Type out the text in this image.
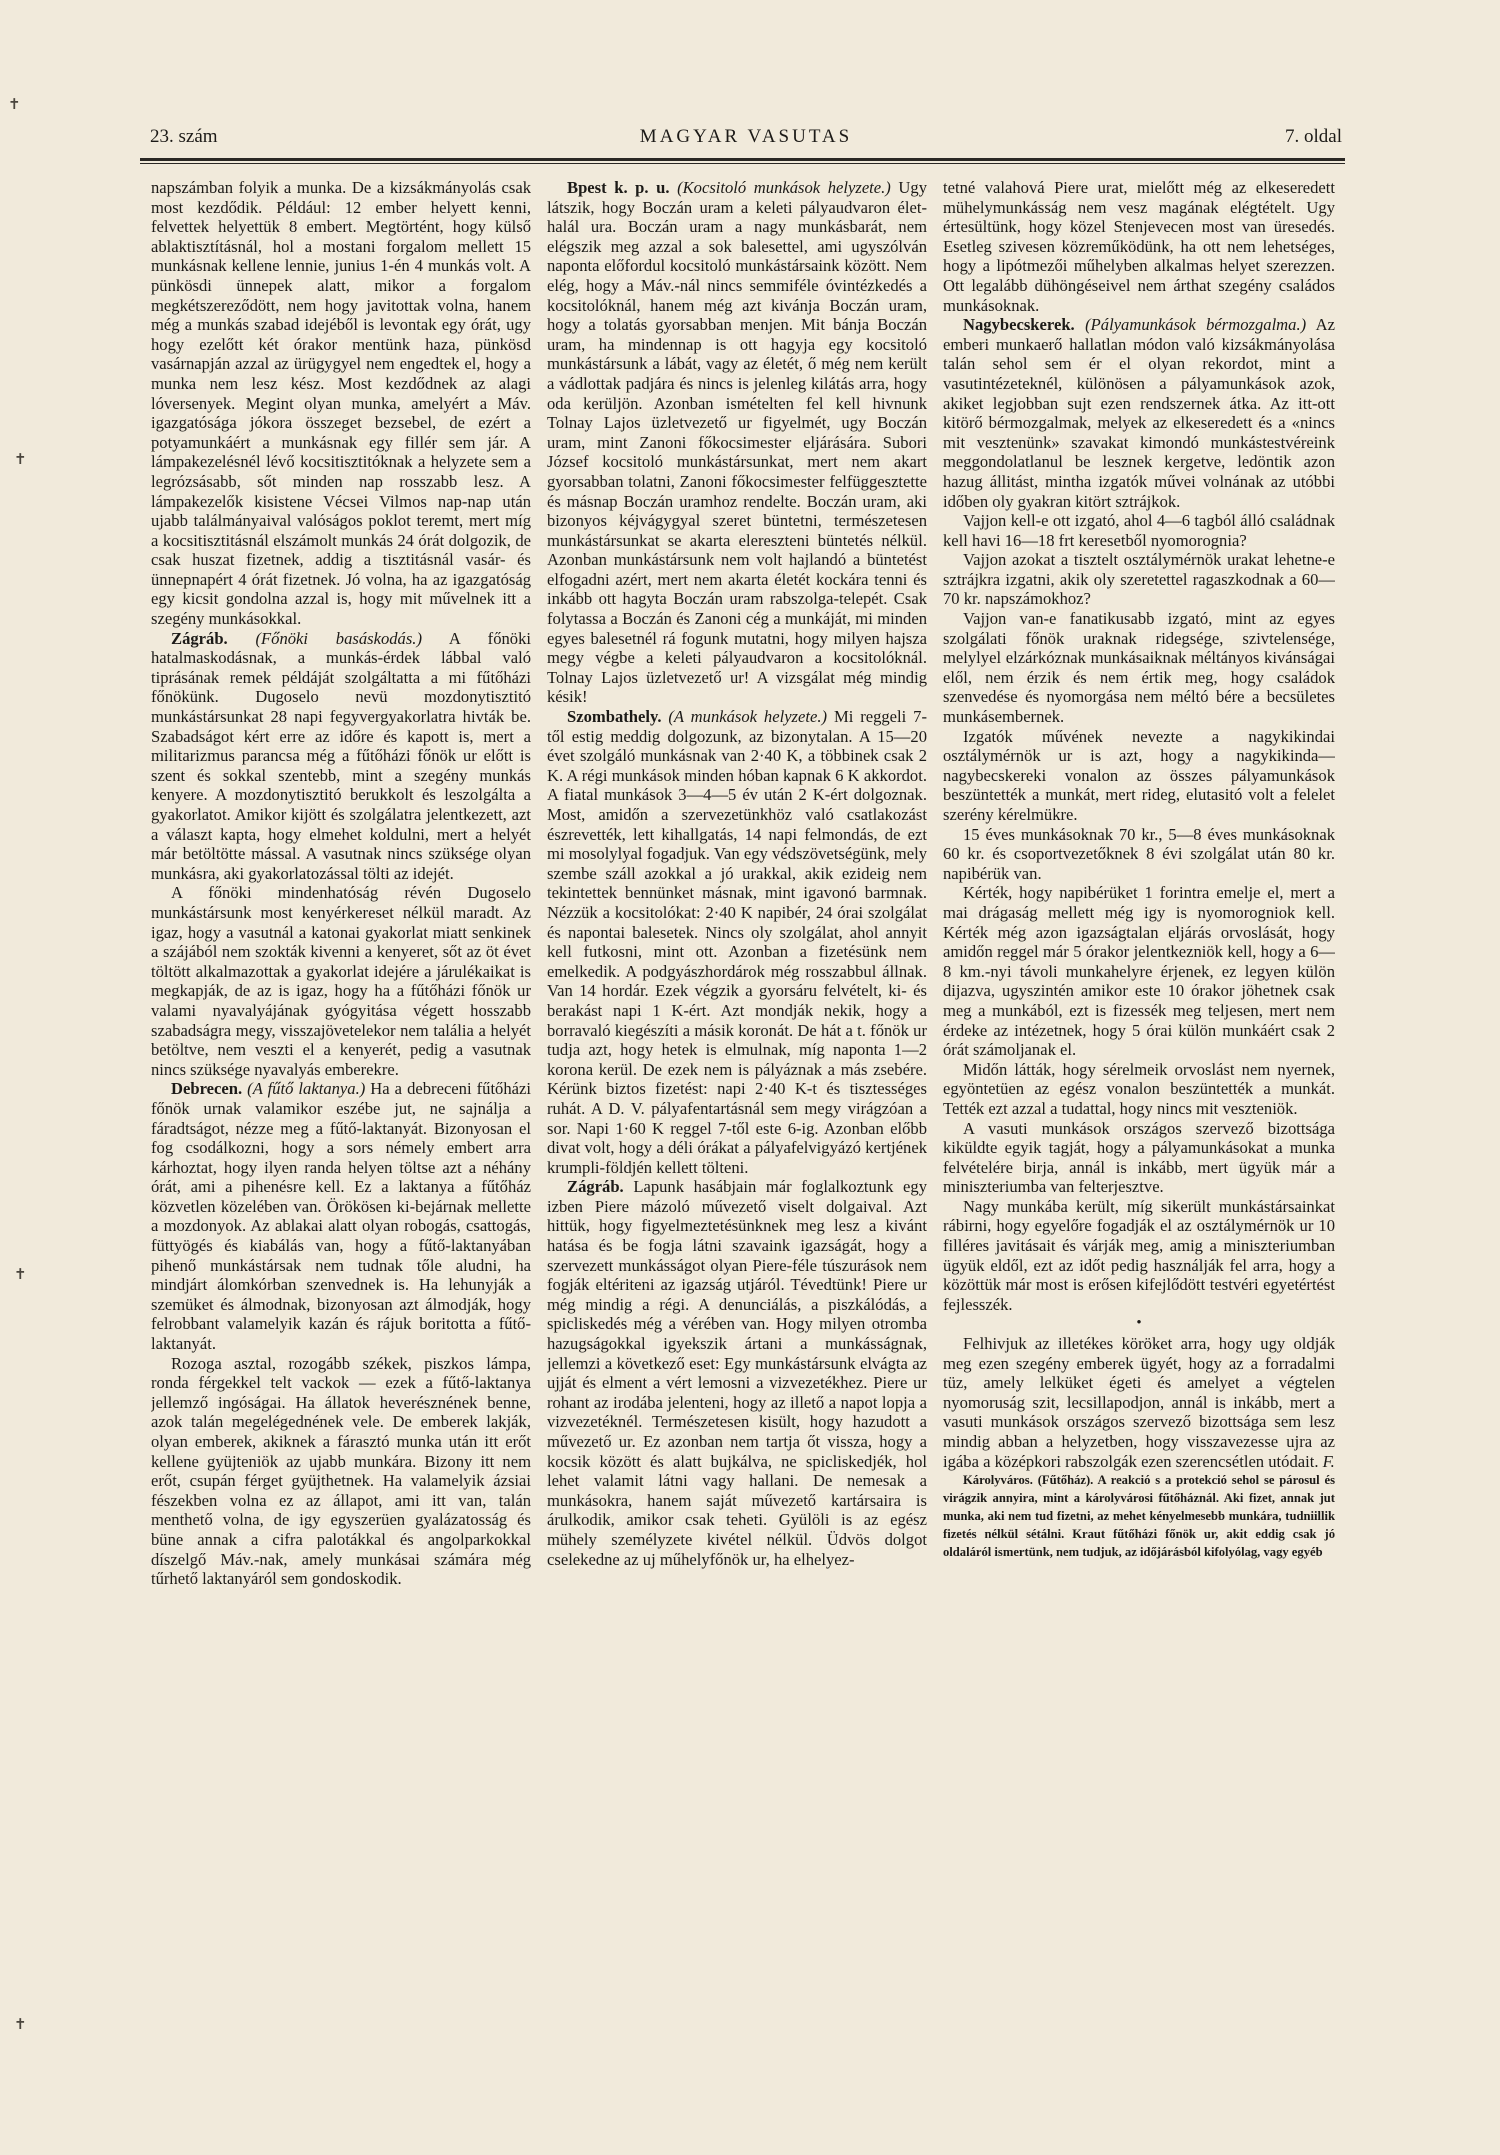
23. szám	MAGYAR VASUTAS	7. oldal
✝
✝
✝
✝

napszámban folyik a munka. De a kizsákmányolás csak most kezdődik. Például: 12 ember helyett kenni, felvettek helyettük 8 embert. Megtörtént, hogy külső ablaktisztításnál, hol a mostani forgalom mellett 15 munkásnak kellene lennie, junius 1-én 4 munkás volt. A pünkösdi ünnepek alatt, mikor a forgalom megkétszereződött, nem hogy javitottak volna, hanem még a munkás szabad idejéből is levontak egy órát, ugy hogy ezelőtt két órakor mentünk haza, pünkösd vasárnapján azzal az ürügygyel nem engedtek el, hogy a munka nem lesz kész. Most kezdődnek az alagi lóversenyek. Megint olyan munka, amelyért a Máv. igazgatósága jókora összeget bezsebel, de ezért a potyamunkáért a munkásnak egy fillér sem jár. A lámpakezelésnél lévő kocsitisztitóknak a helyzete sem a legrózsásabb, sőt minden nap rosszabb lesz. A lámpakezelők kisistene Vécsei Vilmos nap-nap után ujabb találmányaival valóságos poklot teremt, mert míg a kocsitisztitásnál elszámolt munkás 24 órát dolgozik, de csak huszat fizetnek, addig a tisztitásnál vasár- és ünnepnapért 4 órát fizetnek. Jó volna, ha az igazgatóság egy kicsit gondolna azzal is, hogy mit művelnek itt a szegény munkásokkal.

Zágráb. (Főnöki basáskodás.) A főnöki hatalmaskodásnak, a munkás-érdek lábbal való tiprásának remek példáját szolgáltatta a mi fűtőházi főnökünk. Dugoselo nevü mozdonytisztitó munkástársunkat 28 napi fegyvergyakorlatra hivták be. Szabadságot kért erre az időre és kapott is, mert a militarizmus parancsa még a fűtőházi főnök ur előtt is szent és sokkal szentebb, mint a szegény munkás kenyere. A mozdonytisztitó berukkolt és leszolgálta a gyakorlatot. Amikor kijött és szolgálatra jelentkezett, azt a választ kapta, hogy elmehet koldulni, mert a helyét már betöltötte mással. A vasutnak nincs szüksége olyan munkásra, aki gyakorlatozással tölti az idejét.

A főnöki mindenhatóság révén Dugoselo munkástársunk most kenyérkereset nélkül maradt. Az igaz, hogy a vasutnál a katonai gyakorlat miatt senkinek a szájából nem szokták kivenni a kenyeret, sőt az öt évet töltött alkalmazottak a gyakorlat idejére a járulékaikat is megkapják, de az is igaz, hogy ha a fűtőházi főnök ur valami nyavalyájának gyógyitása végett hosszabb szabadságra megy, visszajövetelekor nem talália a helyét betöltve, nem veszti el a kenyerét, pedig a vasutnak nincs szüksége nyavalyás emberekre.

Debrecen. (A fűtő laktanya.) Ha a debreceni fűtőházi főnök urnak valamikor eszébe jut, ne sajnálja a fáradtságot, nézze meg a fűtő-laktanyát. Bizonyosan el fog csodálkozni, hogy a sors némely embert arra kárhoztat, hogy ilyen randa helyen töltse azt a néhány órát, ami a pihenésre kell. Ez a laktanya a fűtőház közvetlen közelében van. Örökösen ki-bejárnak mellette a mozdonyok. Az ablakai alatt olyan robogás, csattogás, füttyögés és kiabálás van, hogy a fűtő-laktanyában pihenő munkástársak nem tudnak tőle aludni, ha mindjárt álomkórban szenvednek is. Ha lehunyják a szemüket és álmodnak, bizonyosan azt álmodják, hogy felrobbant valamelyik kazán és rájuk boritotta a fűtő-laktanyát.

Rozoga asztal, rozogább székek, piszkos lámpa, ronda férgekkel telt vackok — ezek a fűtő-laktanya jellemző ingóságai. Ha állatok heverésznének benne, azok talán megelégednének vele. De emberek lakják, olyan emberek, akiknek a fárasztó munka után itt erőt kellene gyüjteniök az ujabb munkára. Bizony itt nem erőt, csupán férget gyüjthetnek. Ha valamelyik ázsiai fészekben volna ez az állapot, ami itt van, talán menthető volna, de igy egyszerüen gyalázatosság és büne annak a cifra palotákkal és angolparkokkal díszelgő Máv.-nak, amely munkásai számára még tűrhető laktanyáról sem gondoskodik.

Bpest k. p. u. (Kocsitoló munkások helyzete.) Ugy látszik, hogy Boczán uram a keleti pályaudvaron élet-halál ura. Boczán uram a nagy munkásbarát, nem elégszik meg azzal a sok balesettel, ami ugyszólván naponta előfordul kocsitoló munkástársaink között. Nem elég, hogy a Máv.-nál nincs semmiféle óvintézkedés a kocsitolóknál, hanem még azt kivánja Boczán uram, hogy a tolatás gyorsabban menjen. Mit bánja Boczán uram, ha mindennap is ott hagyja egy kocsitoló munkástársunk a lábát, vagy az életét, ő még nem került a vádlottak padjára és nincs is jelenleg kilátás arra, hogy oda kerüljön. Azonban ismételten fel kell hivnunk Tolnay Lajos üzletvezető ur figyelmét, ugy Boczán uram, mint Zanoni főkocsimester eljárására. Subori József kocsitoló munkástársunkat, mert nem akart gyorsabban tolatni, Zanoni főkocsimester felfüggesztette és másnap Boczán uramhoz rendelte. Boczán uram, aki bizonyos kéjvágygyal szeret büntetni, természetesen munkástársunkat se akarta elereszteni büntetés nélkül. Azonban munkástársunk nem volt hajlandó a büntetést elfogadni azért, mert nem akarta életét kockára tenni és inkább ott hagyta Boczán uram rabszolga-telepét. Csak folytassa a Boczán és Zanoni cég a munkáját, mi minden egyes balesetnél rá fogunk mutatni, hogy milyen hajsza megy végbe a keleti pályaudvaron a kocsitolóknál. Tolnay Lajos üzletvezető ur! A vizsgálat még mindig késik!

Szombathely. (A munkások helyzete.) Mi reggeli 7-től estig meddig dolgozunk, az bizonytalan. A 15—20 évet szolgáló munkásnak van 2·40 K, a többinek csak 2 K. A régi munkások minden hóban kapnak 6 K akkordot. A fiatal munkások 3—4—5 év után 2 K-ért dolgoznak. Most, amidőn a szervezetünkhöz való csatlakozást észrevették, lett kihallgatás, 14 napi felmondás, de ezt mi mosolylyal fogadjuk. Van egy védszövetségünk, mely szembe száll azokkal a jó urakkal, akik ezideig nem tekintettek bennünket másnak, mint igavonó barmnak. Nézzük a kocsitolókat: 2·40 K napibér, 24 órai szolgálat és napontai balesetek. Nincs oly szolgálat, ahol annyit kell futkosni, mint ott. Azonban a fizetésünk nem emelkedik. A podgyászhordárok még rosszabbul állnak. Van 14 hordár. Ezek végzik a gyorsáru felvételt, ki- és berakást napi 1 K-ért. Azt mondják nekik, hogy a borravaló kiegészíti a másik koronát. De hát a t. főnök ur tudja azt, hogy hetek is elmulnak, míg naponta 1—2 korona kerül. De ezek nem is pályáznak a más zsebére. Kérünk biztos fizetést: napi 2·40 K-t és tisztességes ruhát. A D. V. pályafentartásnál sem megy virágzóan a sor. Napi 1·60 K reggel 7-től este 6-ig. Azonban előbb divat volt, hogy a déli órákat a pályafelvigyázó kertjének krumpli-földjén kellett tölteni.

Zágráb. Lapunk hasábjain már foglalkoztunk egy izben Piere mázoló művezető viselt dolgaival. Azt hittük, hogy figyelmeztetésünknek meg lesz a kivánt hatása és be fogja látni szavaink igazságát, hogy a szervezett munkásságot olyan Piere-féle túszurások nem fogják eltériteni az igazság utjáról. Tévedtünk! Piere ur még mindig a régi. A denunciálás, a piszkálódás, a spicliskedés még a vérében van. Hogy milyen otromba hazugságokkal igyekszik ártani a munkásságnak, jellemzi a következő eset: Egy munkástársunk elvágta az ujját és elment a vért lemosni a vizvezetékhez. Piere ur rohant az irodába jelenteni, hogy az illető a napot lopja a vizvezetéknél. Természetesen kisült, hogy hazudott a művezető ur. Ez azonban nem tartja őt vissza, hogy a kocsik között és alatt bujkálva, ne spicliskedjék, hol lehet valamit látni vagy hallani. De nemesak a munkásokra, hanem saját művezető kartársaira is árulkodik, amikor csak teheti. Gyülöli is az egész mühely személyzete kivétel nélkül. Üdvös dolgot cselekedne az uj műhelyfőnök ur, ha elhelyez-

tetné valahová Piere urat, mielőtt még az elkeseredett mühelymunkásság nem vesz magának elégtételt. Ugy értesültünk, hogy közel Stenjevecen most van üresedés. Esetleg szivesen közreműködünk, ha ott nem lehetséges, hogy a lipótmezői műhelyben alkalmas helyet szerezzen. Ott legalább dühöngéseivel nem árthat szegény családos munkásoknak.

Nagybecskerek. (Pályamunkások bérmozgalma.) Az emberi munkaerő hallatlan módon való kizsákmányolása talán sehol sem ér el olyan rekordot, mint a vasutintézeteknél, különösen a pályamunkások azok, akiket legjobban sujt ezen rendszernek átka. Az itt-ott kitörő bérmozgalmak, melyek az elkeseredett és a «nincs mit vesztenünk» szavakat kimondó munkástestvéreink meggondolatlanul be lesznek kergetve, ledöntik azon hazug állitást, mintha izgatók művei volnának az utóbbi időben oly gyakran kitört sztrájkok.

Vajjon kell-e ott izgató, ahol 4—6 tagból álló családnak kell havi 16—18 frt keresetből nyomorognia?

Vajjon azokat a tisztelt osztálymérnök urakat lehetne-e sztrájkra izgatni, akik oly szeretettel ragaszkodnak a 60—70 kr. napszámokhoz?

Vajjon van-e fanatikusabb izgató, mint az egyes szolgálati főnök uraknak ridegsége, szivtelensége, melylyel elzárkóznak munkásaiknak méltányos kivánságai elől, nem érzik és nem értik meg, hogy családok szenvedése és nyomorgása nem méltó bére a becsületes munkásembernek.

Izgatók művének nevezte a nagykikindai osztálymérnök ur is azt, hogy a nagykikinda—nagybecskereki vonalon az összes pályamunkások beszüntették a munkát, mert rideg, elutasitó volt a felelet szerény kérelmükre.

15 éves munkásoknak 70 kr., 5—8 éves munkásoknak 60 kr. és csoportvezetőknek 8 évi szolgálat után 80 kr. napibérük van.

Kérték, hogy napibérüket 1 forintra emelje el, mert a mai drágaság mellett még igy is nyomorogniok kell. Kérték még azon igazságtalan eljárás orvoslását, hogy amidőn reggel már 5 órakor jelentkezniök kell, hogy a 6—8 km.-nyi távoli munkahelyre érjenek, ez legyen külön dijazva, ugyszintén amikor este 10 órakor jöhetnek csak meg a munkából, ezt is fizessék meg teljesen, mert nem érdeke az intézetnek, hogy 5 órai külön munkáért csak 2 órát számoljanak el.

Midőn látták, hogy sérelmeik orvoslást nem nyernek, egyöntetüen az egész vonalon beszüntették a munkát. Tették ezt azzal a tudattal, hogy nincs mit veszteniök.

A vasuti munkások országos szervező bizottsága kiküldte egyik tagját, hogy a pályamunkásokat a munka felvételére birja, annál is inkább, mert ügyük már a miniszteriumba van felterjesztve.

Nagy munkába került, míg sikerült munkástársainkat rábirni, hogy egyelőre fogadják el az osztálymérnök ur 10 filléres javitásait és várják meg, amig a miniszteriumban ügyük eldől, ezt az időt pedig használják fel arra, hogy a közöttük már most is erősen kifejlődött testvéri egyetértést fejlesszék.

•

Felhivjuk az illetékes köröket arra, hogy ugy oldják meg ezen szegény emberek ügyét, hogy az a forradalmi tüz, amely lelküket égeti és amelyet a végtelen nyomoruság szit, lecsillapodjon, annál is inkább, mert a vasuti munkások országos szervező bizottsága sem lesz mindig abban a helyzetben, hogy visszavezesse ujra az igába a középkori rabszolgák ezen szerencsétlen utódait. F.

Károlyváros. (Fűtőház). A reakció s a protekció sehol se párosul és virágzik annyira, mint a károlyvárosi fűtőháznál. Aki fizet, annak jut munka, aki nem tud fizetni, az mehet kényelmesebb munkára, tudniillik fizetés nélkül sétálni. Kraut fűtőházi főnök ur, akit eddig csak jó oldaláról ismertünk, nem tudjuk, az időjárásból kifolyólag, vagy egyéb
